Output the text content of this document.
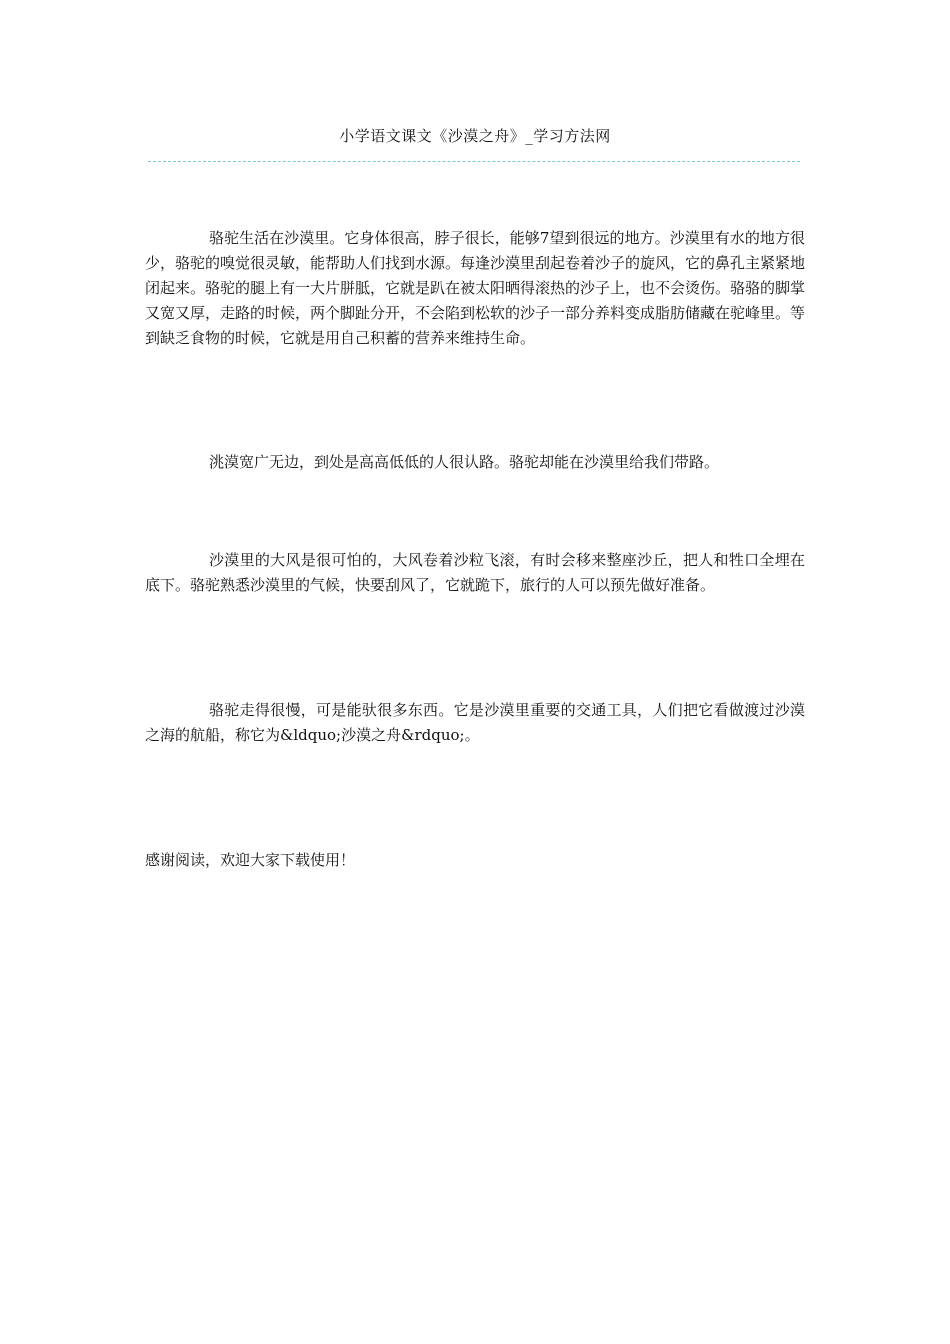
小学语文课文《沙漠之舟》_学习方法网

骆驼生活在沙漠里。它身体很高，脖子很长，能够7望到很远的地方。沙漠里有水的地方很少，骆驼的嗅觉很灵敏，能帮助人们找到水源。每逢沙漠里刮起卷着沙子的旋风，它的鼻孔主紧紧地闭起来。骆驼的腿上有一大片胼胝，它就是趴在被太阳晒得滚热的沙子上，也不会烫伤。骆骆的脚掌又宽又厚，走路的时候，两个脚趾分开，不会陷到松软的沙子一部分养料变成脂肪储藏在驼峰里。等到缺乏食物的时候，它就是用自己积蓄的营养来维持生命。

洮漠宽广无边，到处是高高低低的人很认路。骆驼却能在沙漠里给我们带路。

沙漠里的大风是很可怕的，大风卷着沙粒飞滚，有时会移来整座沙丘，把人和牲口全埋在底下。骆驼熟悉沙漠里的气候，快要刮风了，它就跪下，旅行的人可以预先做好准备。

骆驼走得很慢，可是能驮很多东西。它是沙漠里重要的交通工具，人们把它看做渡过沙漠之海的航船，称它为&ldquo;沙漠之舟&rdquo;。

感谢阅读，欢迎大家下载使用！
